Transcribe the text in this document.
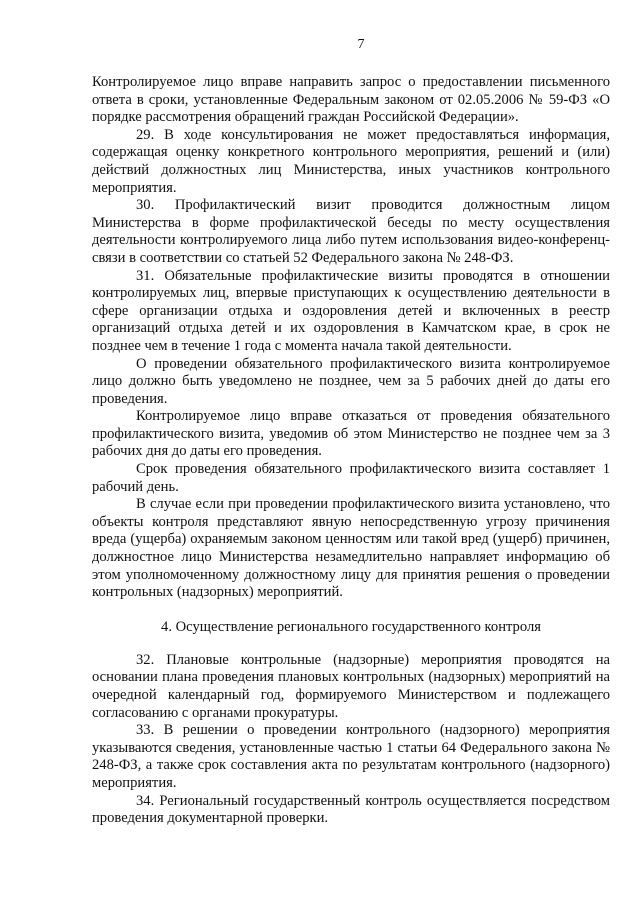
7

Контролируемое лицо вправе направить запрос о предоставлении письменного ответа в сроки, установленные Федеральным законом от 02.05.2006 № 59-ФЗ «О порядке рассмотрения обращений граждан Российской Федерации».

29. В ходе консультирования не может предоставляться информация, содержащая оценку конкретного контрольного мероприятия, решений и (или) действий должностных лиц Министерства, иных участников контрольного мероприятия.

30. Профилактический визит проводится должностным лицом Министерства в форме профилактической беседы по месту осуществления деятельности контролируемого лица либо путем использования видео-конференц-связи в соответствии со статьей 52 Федерального закона № 248-ФЗ.

31. Обязательные профилактические визиты проводятся в отношении контролируемых лиц, впервые приступающих к осуществлению деятельности в сфере организации отдыха и оздоровления детей и включенных в реестр организаций отдыха детей и их оздоровления в Камчатском крае, в срок не позднее чем в течение 1 года с момента начала такой деятельности.

О проведении обязательного профилактического визита контролируемое лицо должно быть уведомлено не позднее, чем за 5 рабочих дней до даты его проведения.

Контролируемое лицо вправе отказаться от проведения обязательного профилактического визита, уведомив об этом Министерство не позднее чем за 3 рабочих дня до даты его проведения.

Срок проведения обязательного профилактического визита составляет 1 рабочий день.

В случае если при проведении профилактического визита установлено, что объекты контроля представляют явную непосредственную угрозу причинения вреда (ущерба) охраняемым законом ценностям или такой вред (ущерб) причинен, должностное лицо Министерства незамедлительно направляет информацию об этом уполномоченному должностному лицу для принятия решения о проведении контрольных (надзорных) мероприятий.

4. Осуществление регионального государственного контроля

32. Плановые контрольные (надзорные) мероприятия проводятся на основании плана проведения плановых контрольных (надзорных) мероприятий на очередной календарный год, формируемого Министерством и подлежащего согласованию с органами прокуратуры.

33. В решении о проведении контрольного (надзорного) мероприятия указываются сведения, установленные частью 1 статьи 64 Федерального закона № 248-ФЗ, а также срок составления акта по результатам контрольного (надзорного) мероприятия.

34. Региональный государственный контроль осуществляется посредством проведения документарной проверки.
